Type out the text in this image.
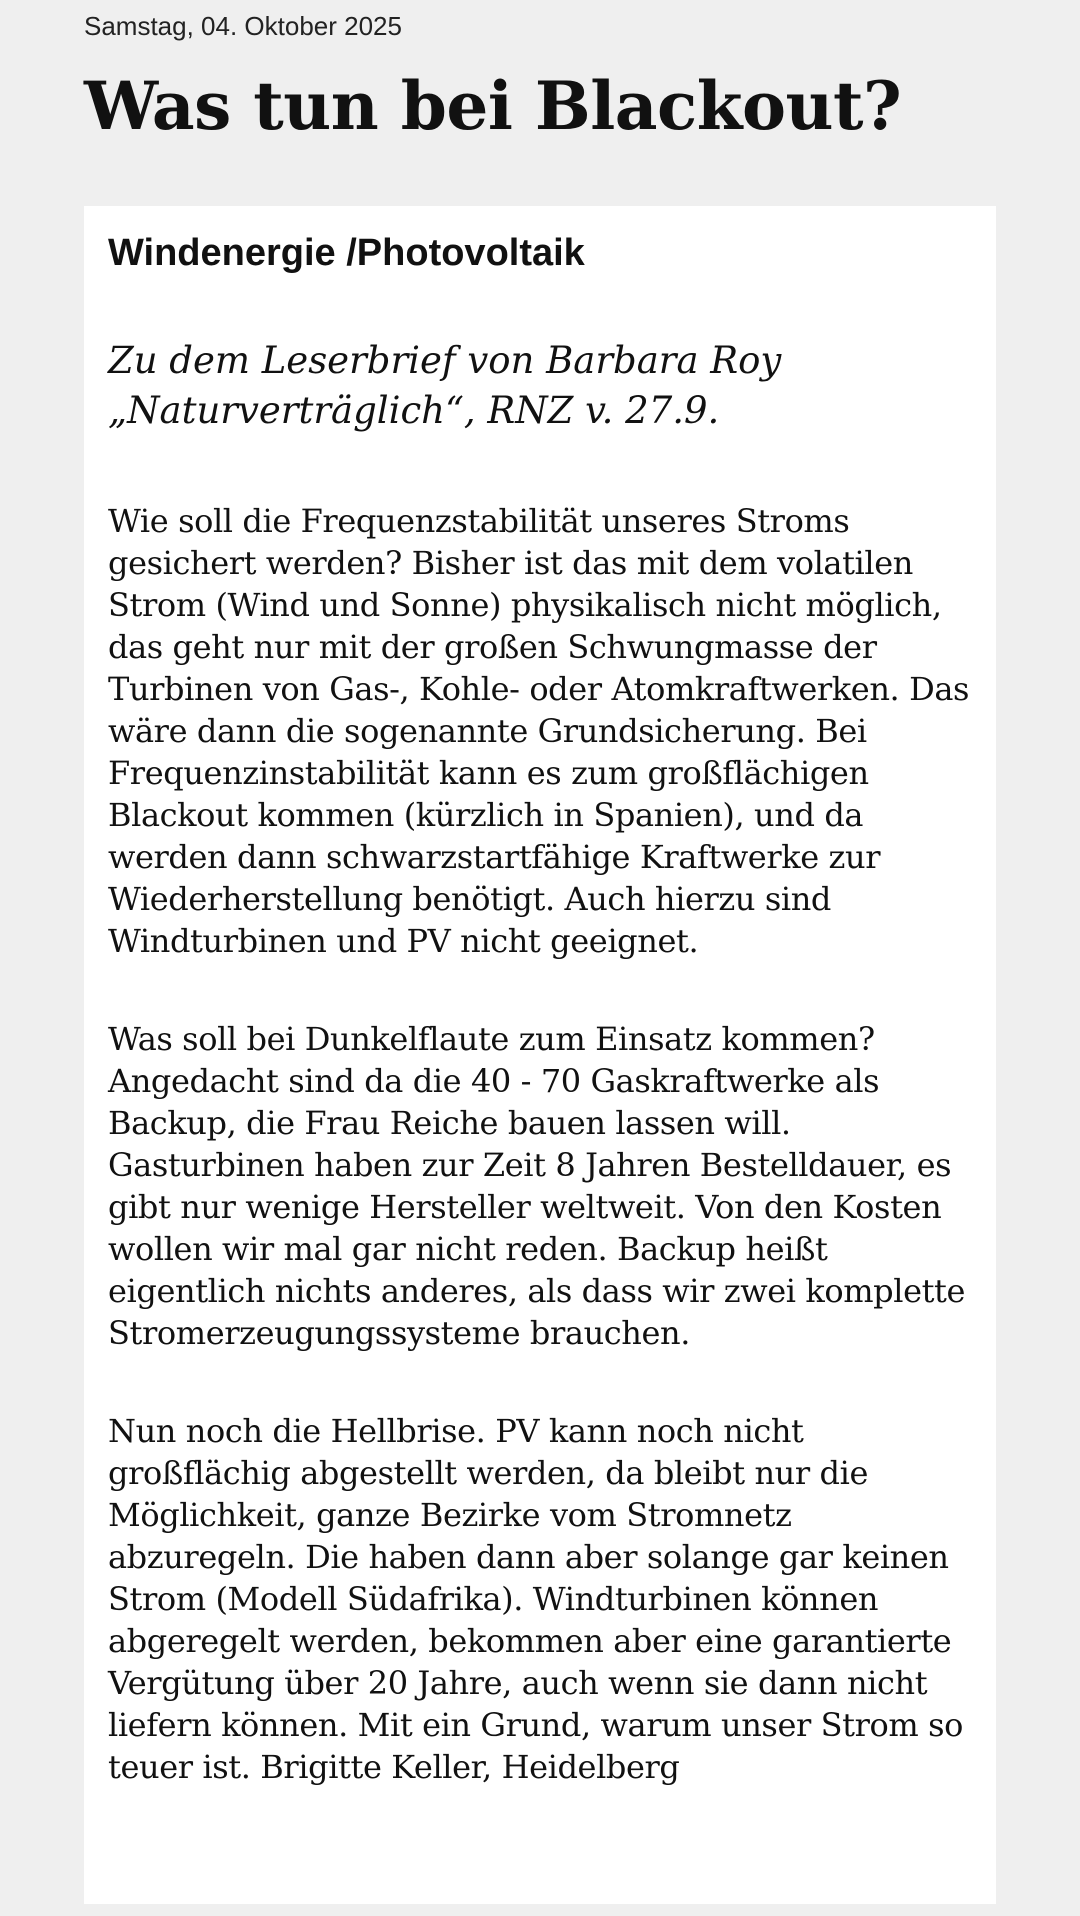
Samstag, 04. Oktober 2025
Was tun bei Blackout?
Windenergie /Photovoltaik
Zu dem Leserbrief von Barbara Roy
„Naturverträglich“, RNZ v. 27.9.

Wie soll die Frequenzstabilität unseres Stroms gesichert werden? Bisher ist das mit dem volatilen Strom (Wind und Sonne) physikalisch nicht möglich, das geht nur mit der großen Schwungmasse der Turbinen von Gas-, Kohle- oder Atomkraftwerken. Das wäre dann die sogenannte Grundsicherung. Bei Frequenzinstabilität kann es zum großflächigen Blackout kommen (kürzlich in Spanien), und da werden dann schwarzstartfähige Kraftwerke zur Wiederherstellung benötigt. Auch hierzu sind Windturbinen und PV nicht geeignet.

Was soll bei Dunkelflaute zum Einsatz kommen? Angedacht sind da die 40 - 70 Gaskraftwerke als Backup, die Frau Reiche bauen lassen will. Gasturbinen haben zur Zeit 8 Jahren Bestelldauer, es gibt nur wenige Hersteller weltweit. Von den Kosten wollen wir mal gar nicht reden. Backup heißt eigentlich nichts anderes, als dass wir zwei komplette Stromerzeugungssysteme brauchen.

Nun noch die Hellbrise. PV kann noch nicht großflächig abgestellt werden, da bleibt nur die Möglichkeit, ganze Bezirke vom Stromnetz abzuregeln. Die haben dann aber solange gar keinen Strom (Modell Südafrika). Windturbinen können abgeregelt werden, bekommen aber eine garantierte Vergütung über 20 Jahre, auch wenn sie dann nicht liefern können. Mit ein Grund, warum unser Strom so teuer ist. Brigitte Keller, Heidelberg
